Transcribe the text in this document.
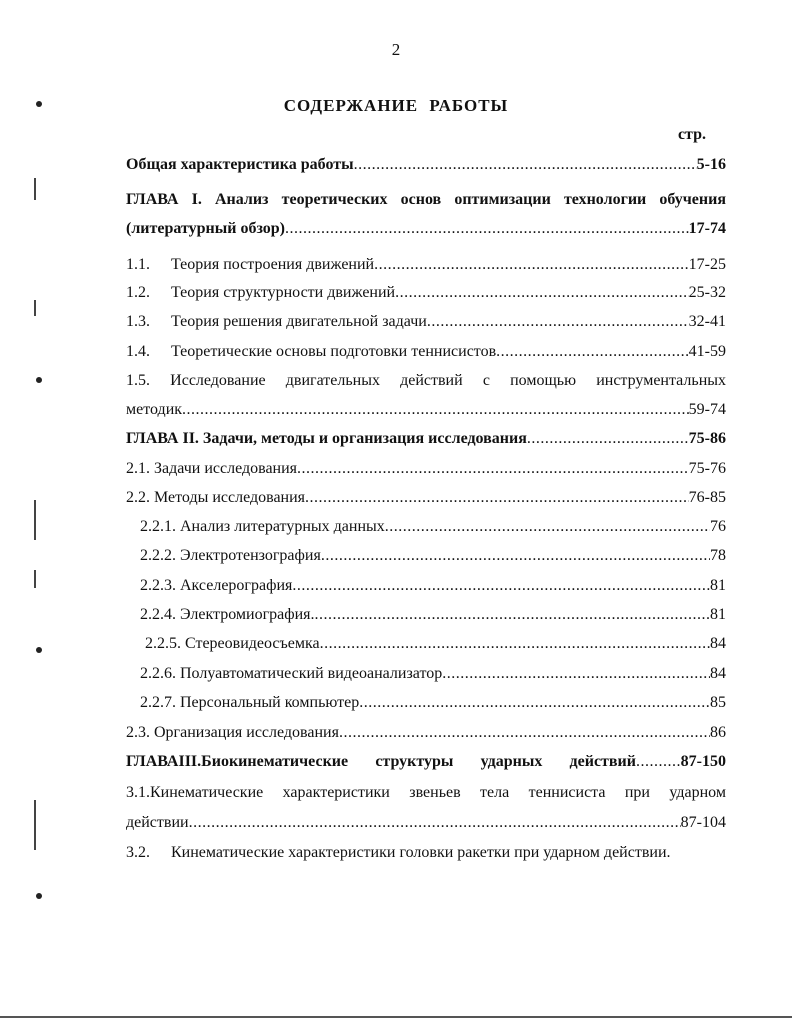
2
СОДЕРЖАНИЕ РАБОТЫ
стр.
Общая характеристика работы .....	5-16
ГЛАВА I. Анализ теоретических основ оптимизации технологии обучения
(литературный обзор) .....	17-74
1.1. Теория построения движений .....	17-25
1.2. Теория структурности движений .....	25-32
1.3. Теория решения двигательной задачи .....	32-41
1.4. Теоретические основы подготовки теннисистов .....	41-59
1.5. Исследование двигательных действий с помощью инструментальных
методик .....	59-74
ГЛАВА II. Задачи, методы и организация исследования .....	75-86
2.1. Задачи исследования .....	75-76
2.2. Методы исследования .....	76-85
2.2.1. Анализ литературных данных .....	76
2.2.2. Электротензография .....	78
2.2.3. Акселерография .....	81
2.2.4. Электромиография. .....	81
2.2.5. Стереовидеосъемка .....	84
2.2.6. Полуавтоматический видеоанализатор .....	84
2.2.7. Персональный компьютер .....	85
2.3. Организация исследования .....	86
ГЛАВАIII.Биокинематические структуры ударных действий .....	87-150
3.1.Кинематические характеристики звеньев тела теннисиста при ударном
действии .....	87-104
3.2. Кинематические характеристики головки ракетки при ударном действии.
